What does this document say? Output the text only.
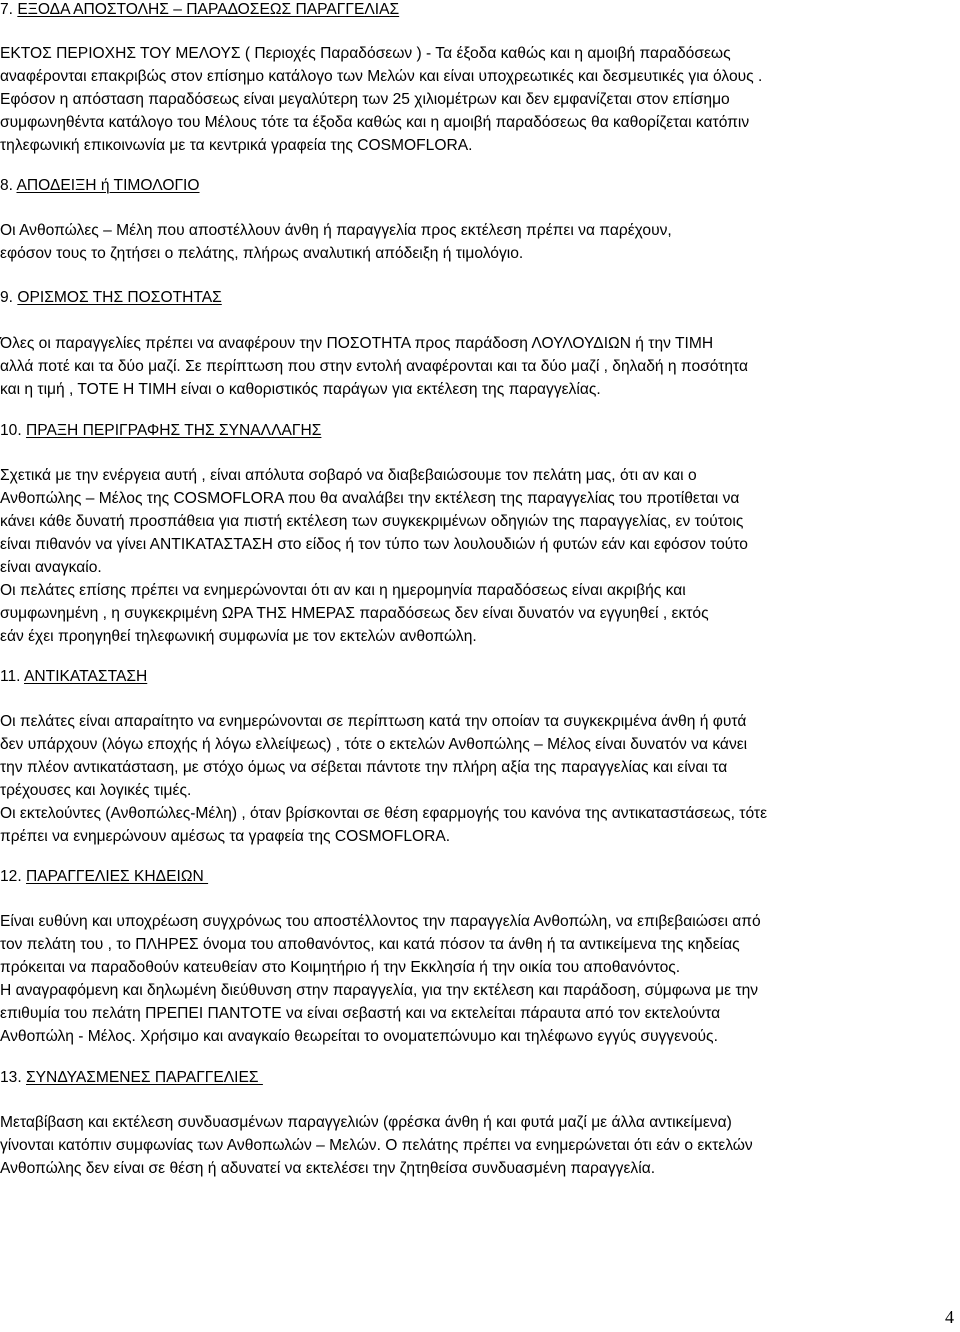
7. ΕΞΟΔΑ ΑΠΟΣΤΟΛΗΣ – ΠΑΡΑΔΟΣΕΩΣ ΠΑΡΑΓΓΕΛΙΑΣ
ΕΚΤΟΣ ΠΕΡΙΟΧΗΣ ΤΟΥ ΜΕΛΟΥΣ ( Περιοχές Παραδόσεων ) - Τα έξοδα καθώς και η αμοιβή παραδόσεως
αναφέρονται επακριβώς στον επίσημο κατάλογο των Μελών και είναι υποχρεωτικές και δεσμευτικές για όλους .
Εφόσον η απόσταση παραδόσεως είναι μεγαλύτερη των 25 χιλιομέτρων και δεν εμφανίζεται στον επίσημο
συμφωνηθέντα κατάλογο του Μέλους τότε τα έξοδα καθώς και η αμοιβή παραδόσεως θα καθορίζεται κατόπιν
τηλεφωνική επικοινωνία με τα κεντρικά γραφεία της COSMOFLORA.
8. ΑΠΟΔΕΙΞΗ ή ΤΙΜΟΛΟΓΙΟ
Οι Ανθοπώλες – Μέλη που αποστέλλουν άνθη ή παραγγελία προς εκτέλεση πρέπει να παρέχουν,
εφόσον τους το ζητήσει ο πελάτης, πλήρως αναλυτική απόδειξη ή τιμολόγιο.
9. ΟΡΙΣΜΟΣ ΤΗΣ ΠΟΣΟΤΗΤΑΣ
Όλες οι παραγγελίες πρέπει να αναφέρουν την ΠΟΣΟΤΗΤΑ προς παράδοση ΛΟΥΛΟΥΔΙΩΝ ή την ΤΙΜΗ
αλλά ποτέ και τα δύο μαζί. Σε περίπτωση που στην εντολή αναφέρονται και τα δύο μαζί , δηλαδή η ποσότητα
και η τιμή , ΤΟΤΕ Η ΤΙΜΗ είναι ο καθοριστικός παράγων για εκτέλεση της παραγγελίας.
10. ΠΡΑΞΗ ΠΕΡΙΓΡΑΦΗΣ ΤΗΣ ΣΥΝΑΛΛΑΓΗΣ
Σχετικά με την ενέργεια αυτή , είναι απόλυτα σοβαρό να διαβεβαιώσουμε τον πελάτη μας, ότι αν και ο
Ανθοπώλης – Μέλος της COSMOFLORA που θα αναλάβει την εκτέλεση της παραγγελίας του προτίθεται να
κάνει κάθε δυνατή προσπάθεια για πιστή εκτέλεση των συγκεκριμένων οδηγιών της παραγγελίας, εν τούτοις
είναι πιθανόν να γίνει ΑΝΤΙΚΑΤΑΣΤΑΣΗ στο είδος ή τον τύπο των λουλουδιών ή φυτών εάν και εφόσον τούτο
είναι αναγκαίο.
Οι πελάτες επίσης πρέπει να ενημερώνονται ότι αν και η ημερομηνία παραδόσεως είναι ακριβής και
συμφωνημένη , η συγκεκριμένη ΩΡΑ ΤΗΣ ΗΜΕΡΑΣ παραδόσεως δεν είναι δυνατόν να εγγυηθεί , εκτός
εάν έχει προηγηθεί τηλεφωνική συμφωνία με τον εκτελών ανθοπώλη.
11. ΑΝΤΙΚΑΤΑΣΤΑΣΗ
Οι πελάτες είναι απαραίτητο να ενημερώνονται σε περίπτωση κατά την οποίαν τα συγκεκριμένα άνθη ή φυτά
δεν υπάρχουν (λόγω εποχής ή λόγω ελλείψεως) , τότε ο εκτελών Ανθοπώλης – Μέλος είναι δυνατόν να κάνει
την πλέον αντικατάσταση, με στόχο όμως να σέβεται πάντοτε την πλήρη αξία της παραγγελίας και είναι τα
τρέχουσες και λογικές τιμές.
Οι εκτελούντες (Ανθοπώλες-Μέλη) , όταν βρίσκονται σε θέση εφαρμογής του κανόνα της αντικαταστάσεως, τότε
πρέπει να ενημερώνουν αμέσως τα γραφεία της COSMOFLORA.
12. ΠΑΡΑΓΓΕΛΙΕΣ ΚΗΔΕΙΩΝ
Είναι ευθύνη και υποχρέωση συγχρόνως του αποστέλλοντος την παραγγελία Ανθοπώλη, να επιβεβαιώσει από
τον πελάτη του , το ΠΛΗΡΕΣ όνομα του αποθανόντος, και κατά πόσον τα άνθη ή τα αντικείμενα της κηδείας
πρόκειται να παραδοθούν κατευθείαν στο Κοιμητήριο ή την Εκκλησία ή την οικία του αποθανόντος.
Η αναγραφόμενη και δηλωμένη διεύθυνση στην παραγγελία, για την εκτέλεση και παράδοση, σύμφωνα με την
επιθυμία του πελάτη ΠΡΕΠΕΙ ΠΑΝΤΟΤΕ να είναι σεβαστή και να εκτελείται πάραυτα από τον εκτελούντα
Ανθοπώλη - Μέλος. Χρήσιμο και αναγκαίο θεωρείται το ονοματεπώνυμο και τηλέφωνο εγγύς συγγενούς.
13. ΣΥΝΔΥΑΣΜΕΝΕΣ ΠΑΡΑΓΓΕΛΙΕΣ
Μεταβίβαση και εκτέλεση συνδυασμένων παραγγελιών (φρέσκα άνθη ή και φυτά μαζί με άλλα αντικείμενα)
γίνονται κατόπιν συμφωνίας των Ανθοπωλών – Μελών. Ο πελάτης πρέπει να ενημερώνεται ότι εάν ο εκτελών
Ανθοπώλης δεν είναι σε θέση ή αδυνατεί να εκτελέσει την ζητηθείσα συνδυασμένη παραγγελία.
4
